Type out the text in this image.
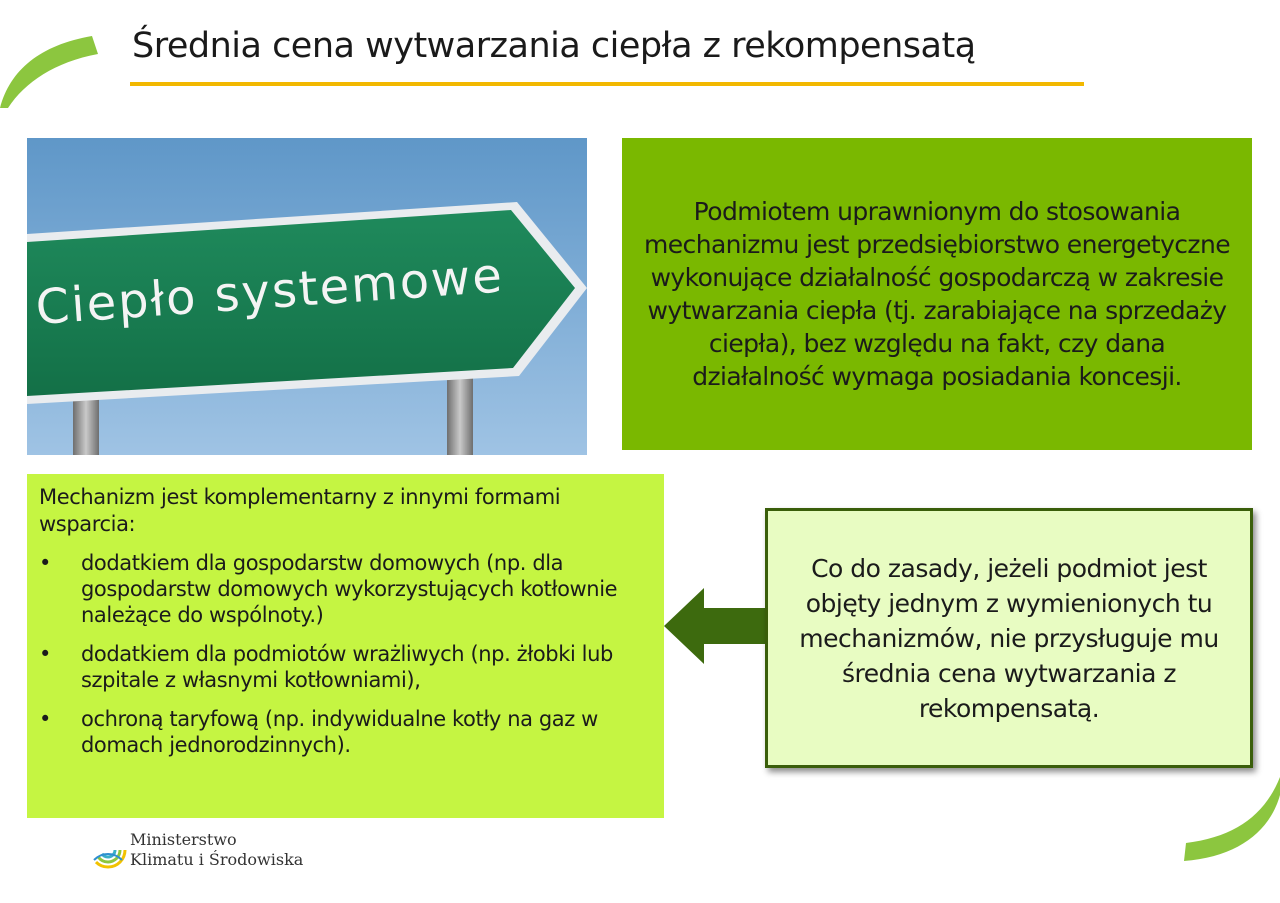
Średnia cena wytwarzania ciepła z rekompensatą
Ciepło systemowe
Podmiotem uprawnionym do stosowania mechanizmu jest przedsiębiorstwo energetyczne wykonujące działalność gospodarczą w zakresie wytwarzania ciepła (tj. zarabiające na sprzedaży ciepła), bez względu na fakt, czy dana działalność wymaga posiadania koncesji.

Mechanizm jest komplementarny z innymi formami wsparcia:

• dodatkiem dla gospodarstw domowych (np. dla gospodarstw domowych wykorzystujących kotłownie należące do wspólnoty.)
• dodatkiem dla podmiotów wrażliwych (np. żłobki lub szpitale z własnymi kotłowniami),
• ochroną taryfową (np. indywidualne kotły na gaz w domach jednorodzinnych).
Co do zasady, jeżeli podmiot jest objęty jednym z wymienionych tu mechanizmów, nie przysługuje mu średnia cena wytwarzania z rekompensatą.
Ministerstwo
Klimatu i Środowiska
